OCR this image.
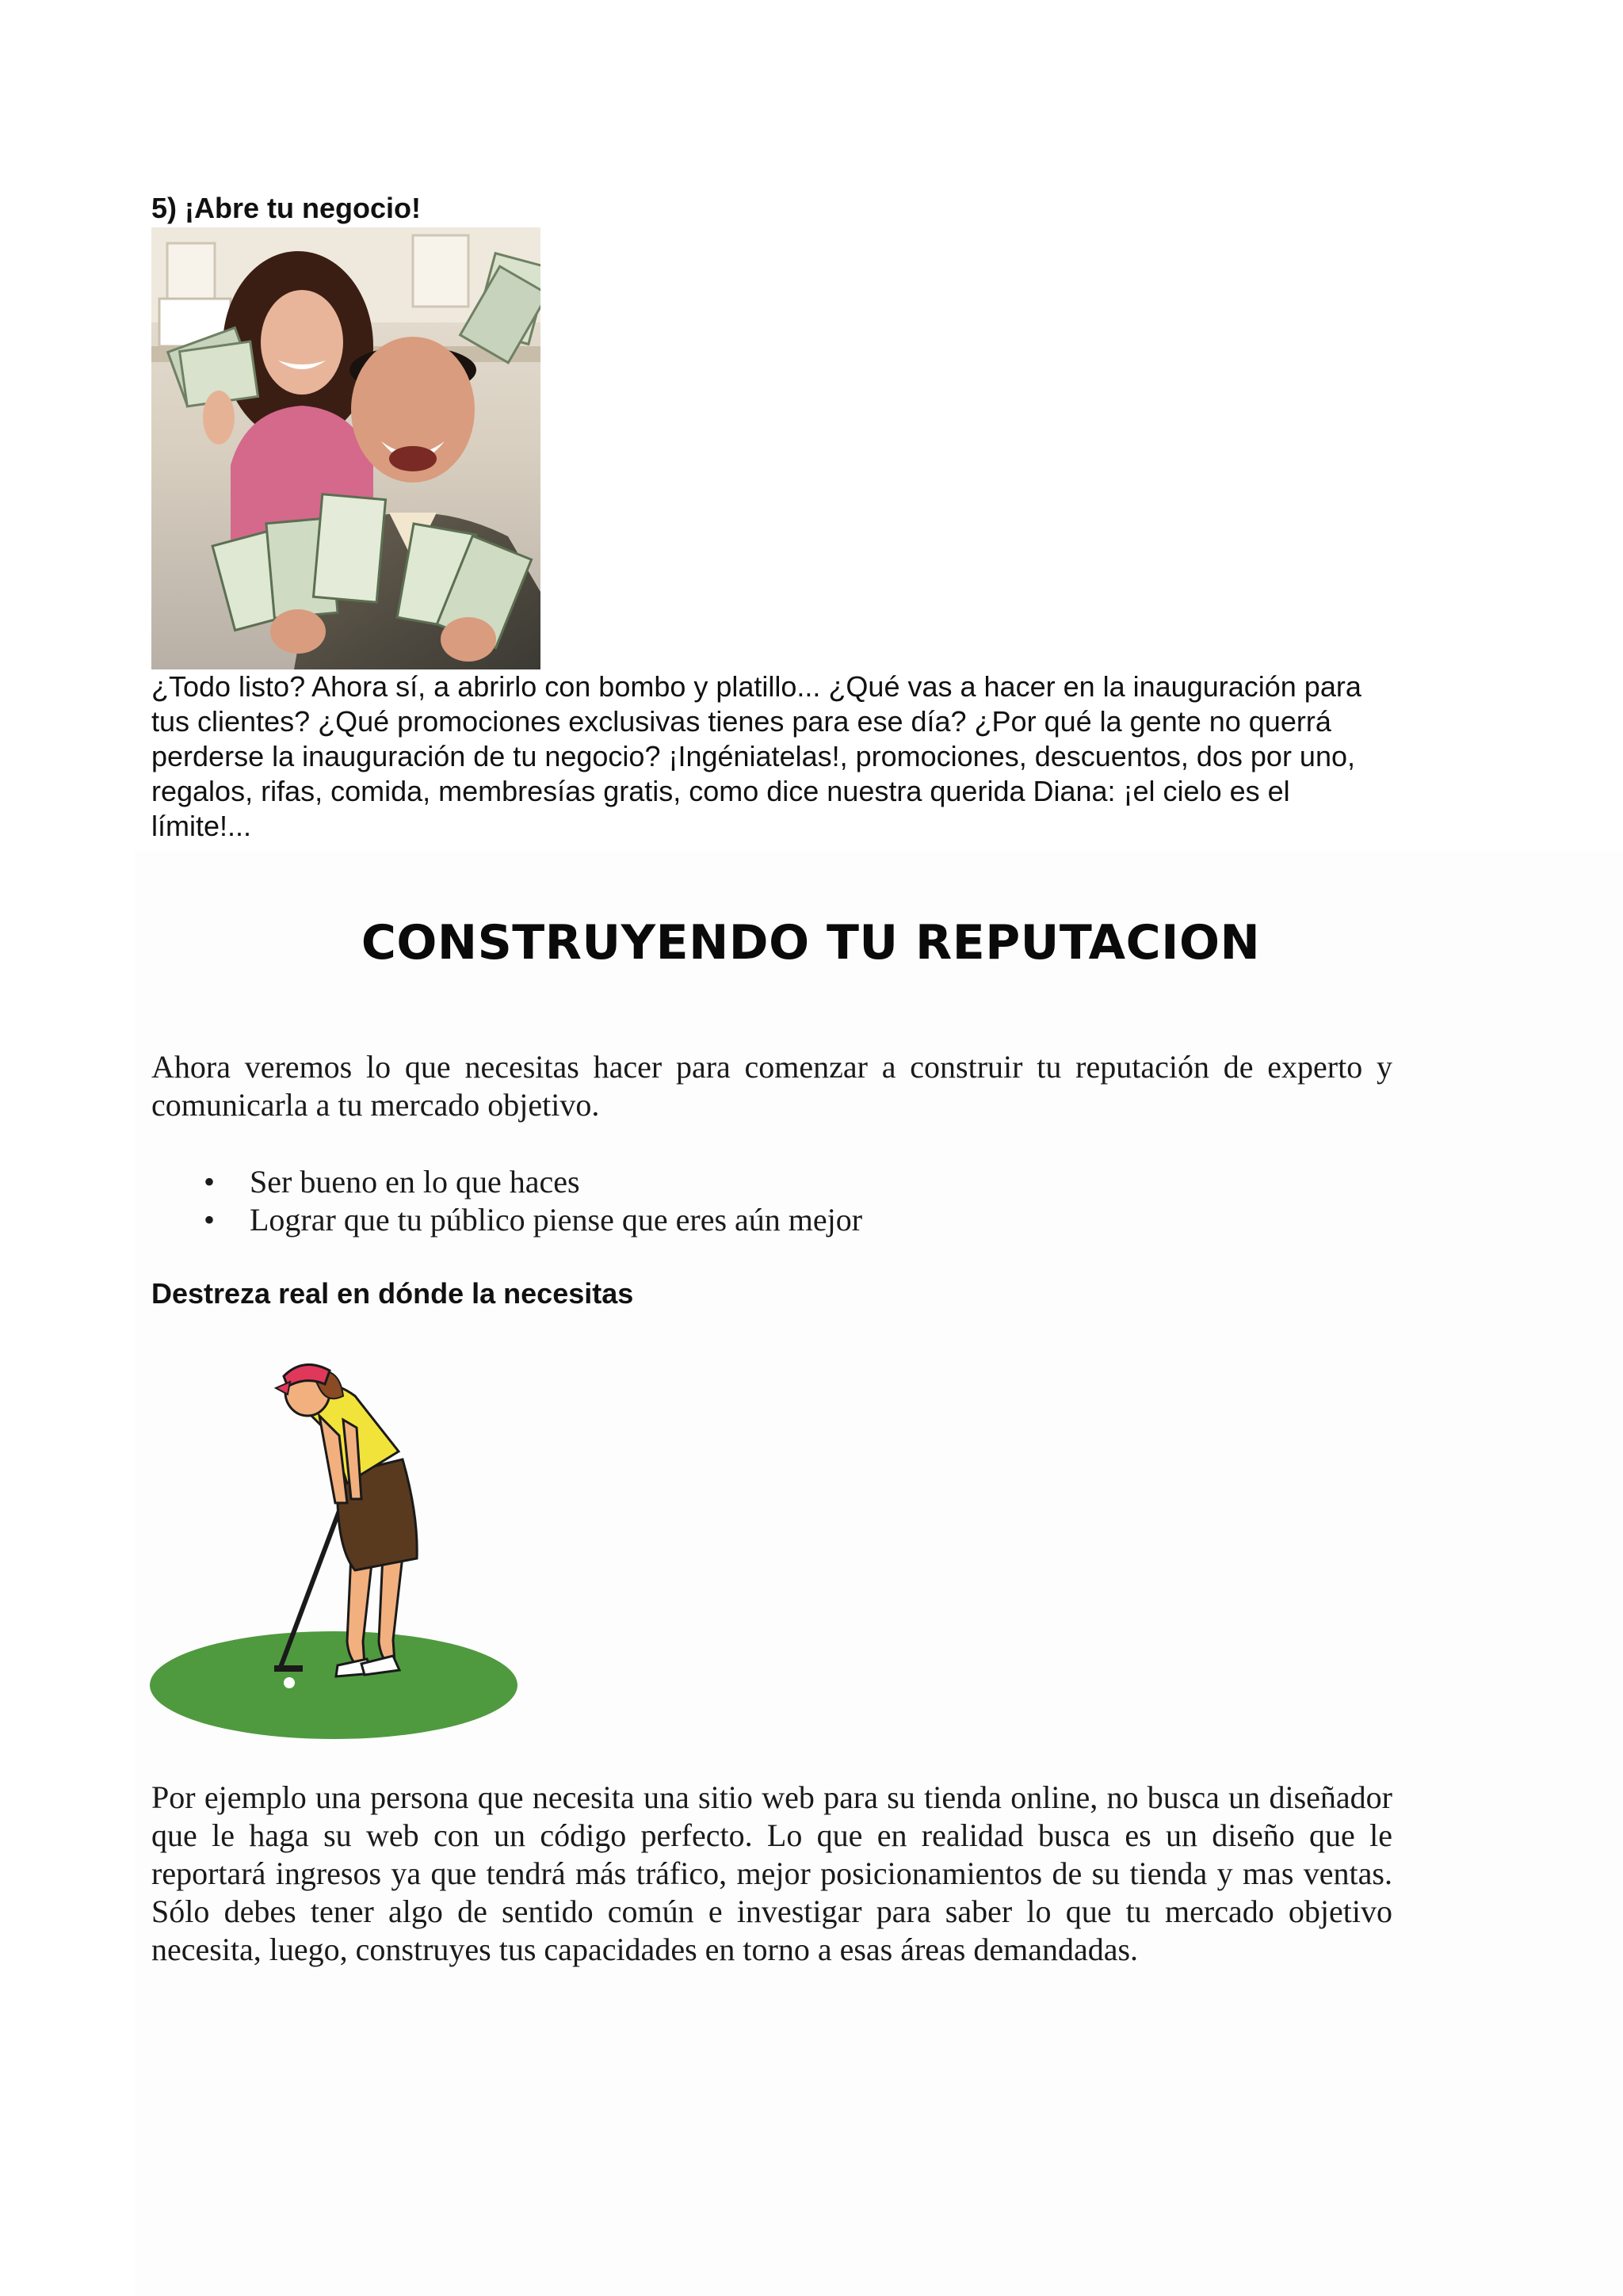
5) ¡Abre tu negocio!

¿Todo listo? Ahora sí, a abrirlo con bombo y platillo... ¿Qué vas a hacer en la inauguración para tus clientes? ¿Qué promociones exclusivas tienes para ese día? ¿Por qué la gente no querrá perderse la inauguración de tu negocio? ¡Ingéniatelas!, promociones, descuentos, dos por uno, regalos, rifas, comida, membresías gratis, como dice nuestra querida Diana: ¡el cielo es el límite!...

CONSTRUYENDO TU REPUTACION

Ahora veremos lo que necesitas hacer para comenzar a construir tu reputación de experto y comunicarla a tu mercado objetivo.

• Ser bueno en lo que haces
• Lograr que tu público piense que eres aún mejor
Destreza real en dónde la necesitas

Por ejemplo una persona que necesita una sitio web para su tienda online, no busca un diseñador que le haga su web con un código perfecto. Lo que en realidad busca es un diseño que le reportará ingresos ya que tendrá más tráfico, mejor posicionamientos de su tienda y mas ventas. Sólo debes tener algo de sentido común e investigar para saber lo que tu mercado objetivo necesita, luego, construyes tus capacidades en torno a esas áreas demandadas.
